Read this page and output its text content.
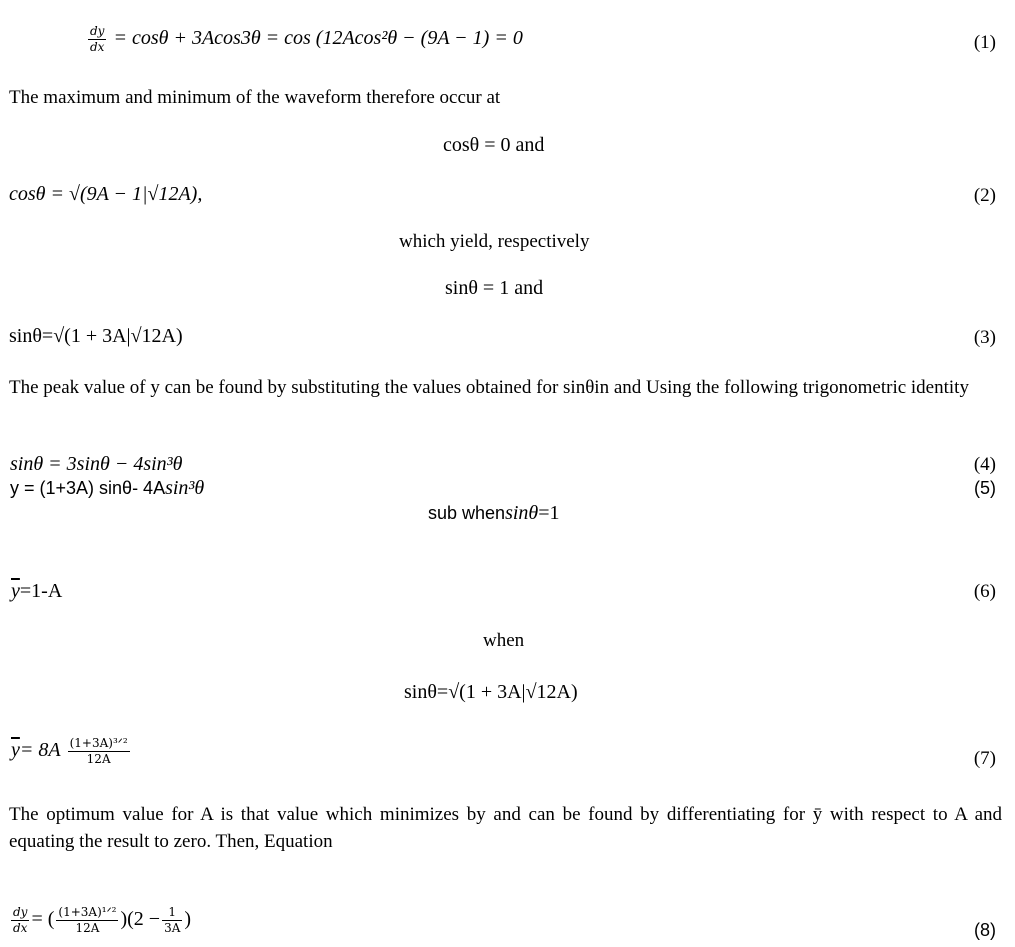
$\frac{dy}{dx} = \cos\theta + 3Acos3\theta = \cos (12Acos^2\theta - (9A - 1) = 0$	(1)
The maximum and minimum of the waveform therefore occur at
cosθ = 0 and
cosθ = √(9A − 1|√12A),	(2)
which yield, respectively
sinθ = 1 and
sinθ=√(1 + 3A|√12A)	(3)
The peak value of y can be found by substituting the values obtained for sinθin and Using the following trigonometric identity
sinθ = 3sinθ − 4sin³θ	(4)
y = (1+3A) sinθ- 4Asin³θ	(5)
sub whensinθ=1
$\overline{y}=1-A$	(6)
when
sinθ=√(1 + 3A|√12A)
$\overline{y}= 8A \frac{\text{(1+3A)³ᐟ²}}{12A}$	(7)
The optimum value for A is that value which minimizes by and can be found by differentiating for ȳ with respect to A and equating the result to zero. Then, Equation
$\frac{dy}{dx}$ = ( $\frac{\text{(1+3A)¹ᐟ²}}{12A} )(2 - \frac{1}{3A}$ )	(8)
